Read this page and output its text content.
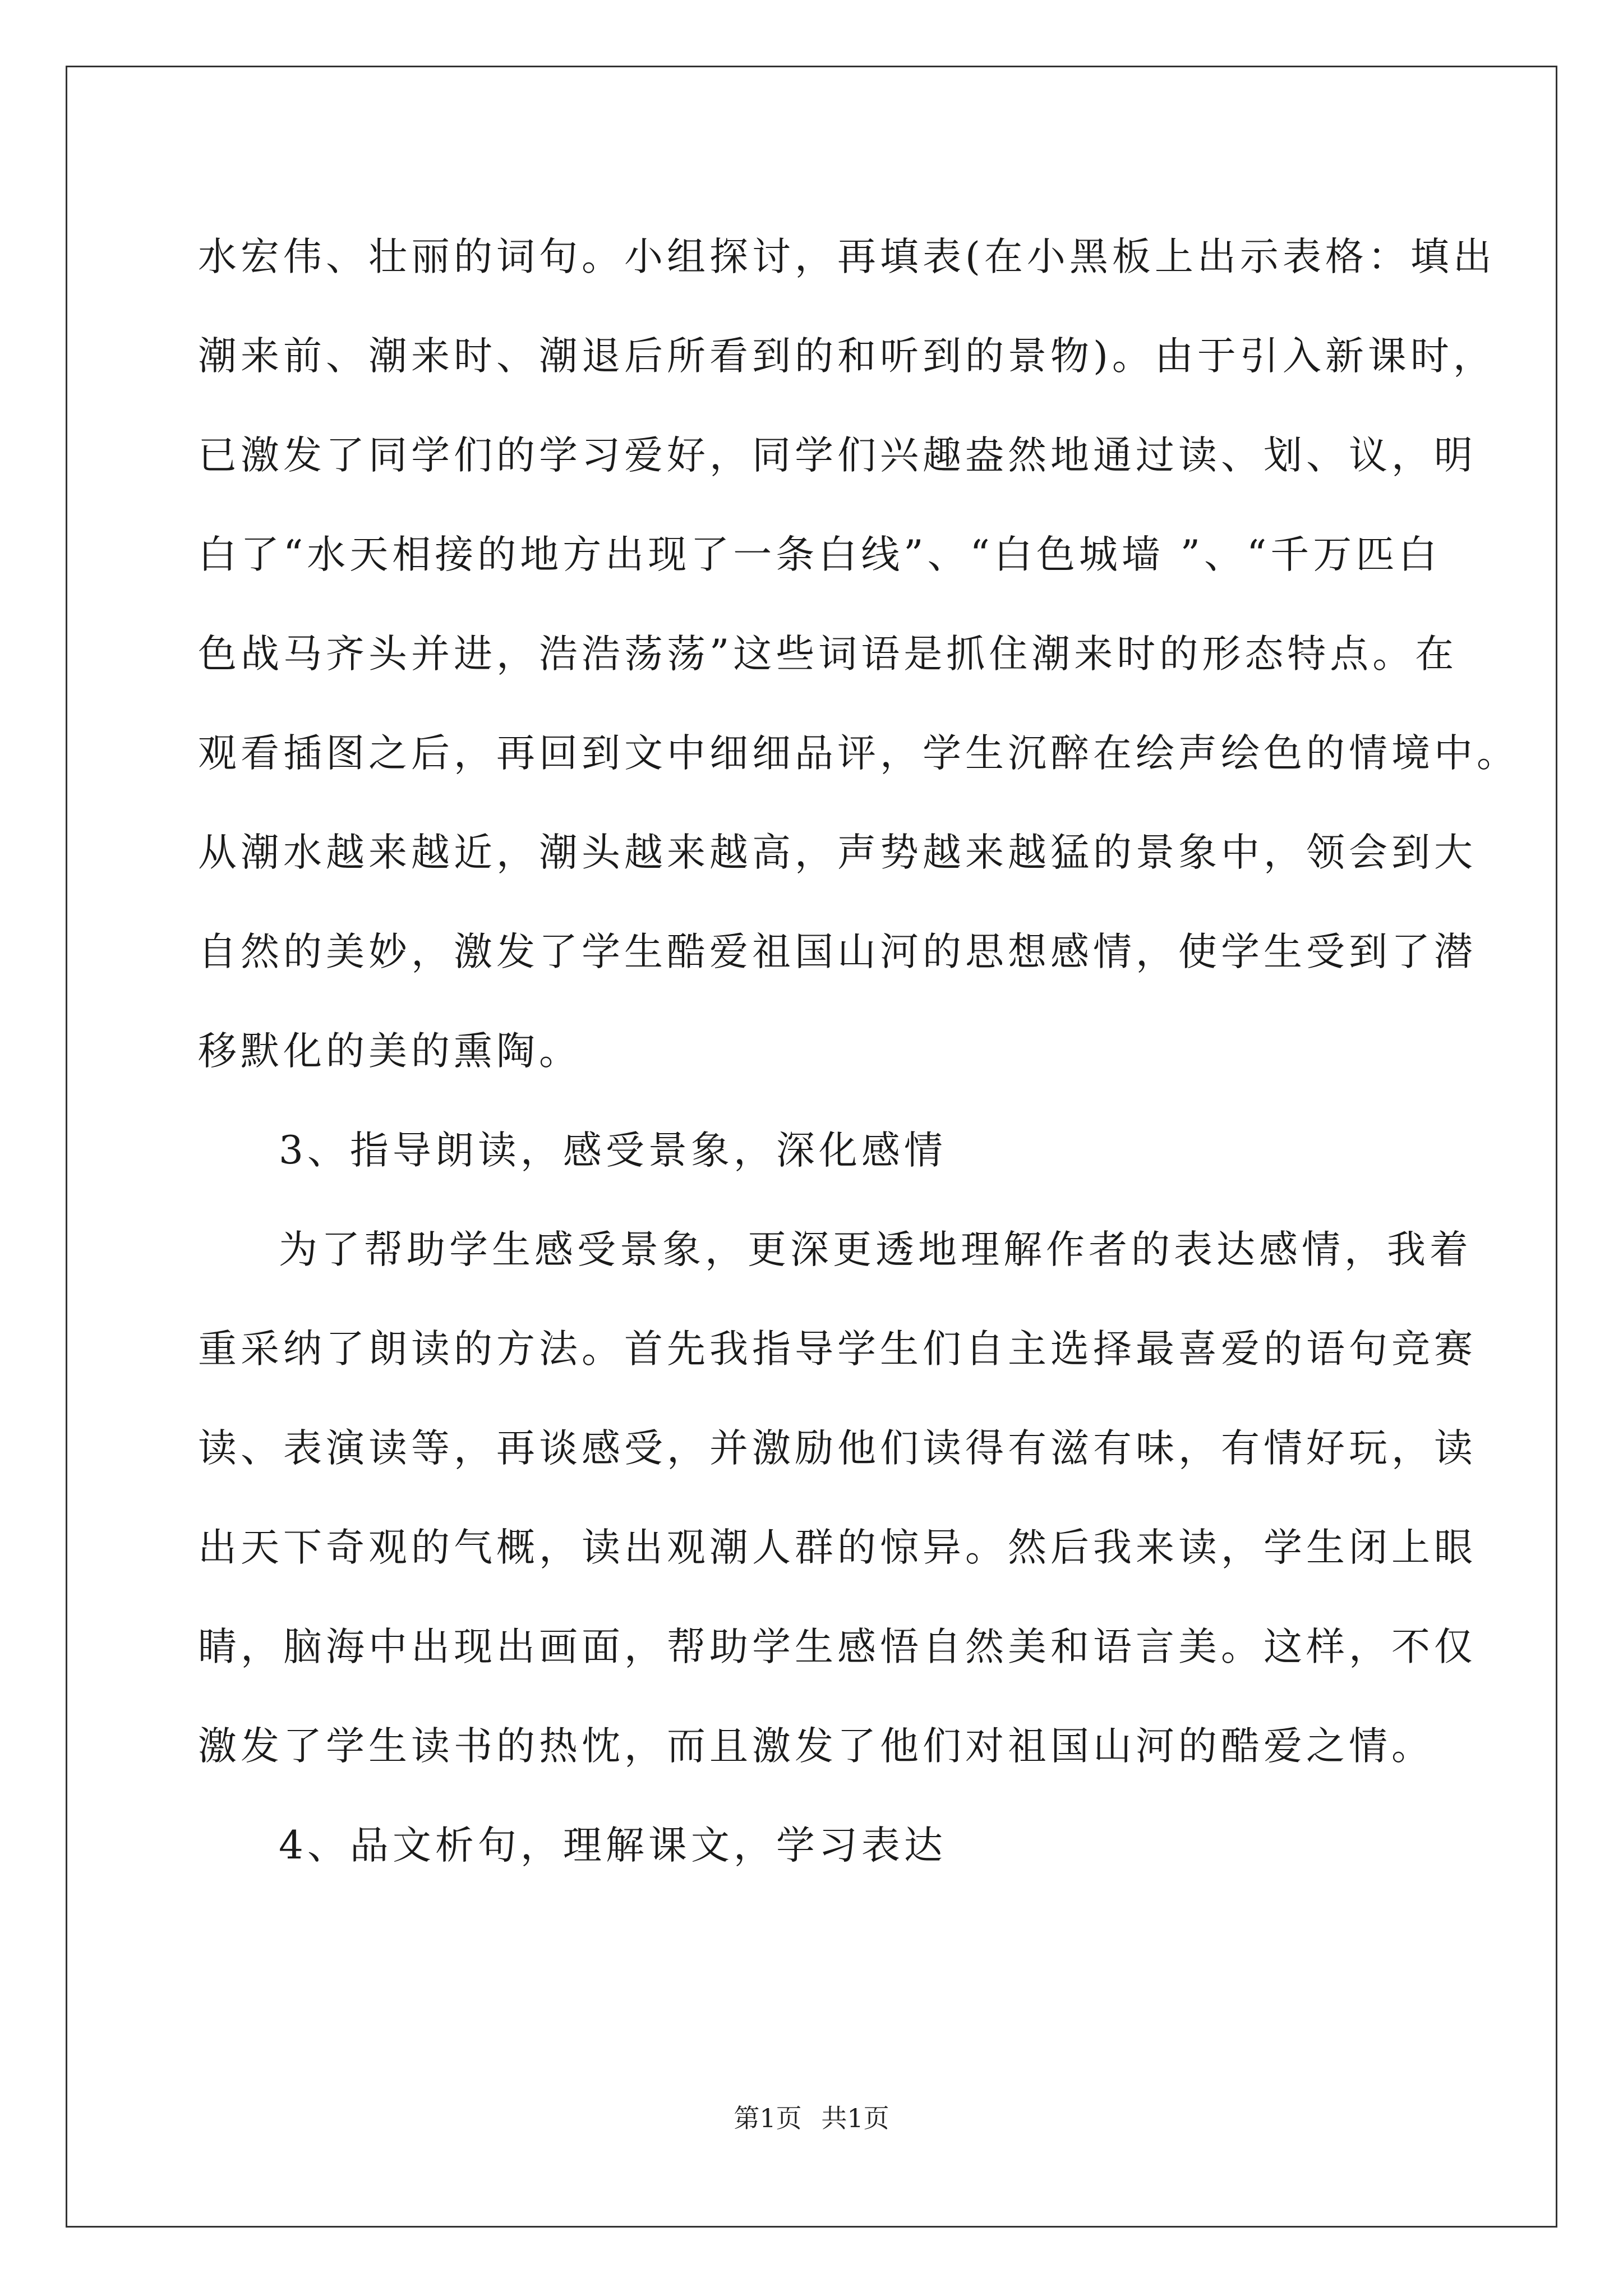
水宏伟、壮丽的词句。小组探讨，再填表(在小黑板上出示表格：填出

潮来前、潮来时、潮退后所看到的和听到的景物)。由于引入新课时，

已激发了同学们的学习爱好，同学们兴趣盎然地通过读、划、议，明

白了“水天相接的地方出现了一条白线”、“白色城墙 ”、“千万匹白

色战马齐头并进，浩浩荡荡”这些词语是抓住潮来时的形态特点。在

观看插图之后，再回到文中细细品评，学生沉醉在绘声绘色的情境中。

从潮水越来越近，潮头越来越高，声势越来越猛的景象中，领会到大

自然的美妙，激发了学生酷爱祖国山河的思想感情，使学生受到了潜

移默化的美的熏陶。

3、指导朗读，感受景象，深化感情

为了帮助学生感受景象，更深更透地理解作者的表达感情，我着

重采纳了朗读的方法。首先我指导学生们自主选择最喜爱的语句竞赛

读、表演读等，再谈感受，并激励他们读得有滋有味，有情好玩，读

出天下奇观的气概，读出观潮人群的惊异。然后我来读，学生闭上眼

睛，脑海中出现出画面，帮助学生感悟自然美和语言美。这样，不仅

激发了学生读书的热忱，而且激发了他们对祖国山河的酷爱之情。

4、品文析句，理解课文，学习表达

第1页 共1页
